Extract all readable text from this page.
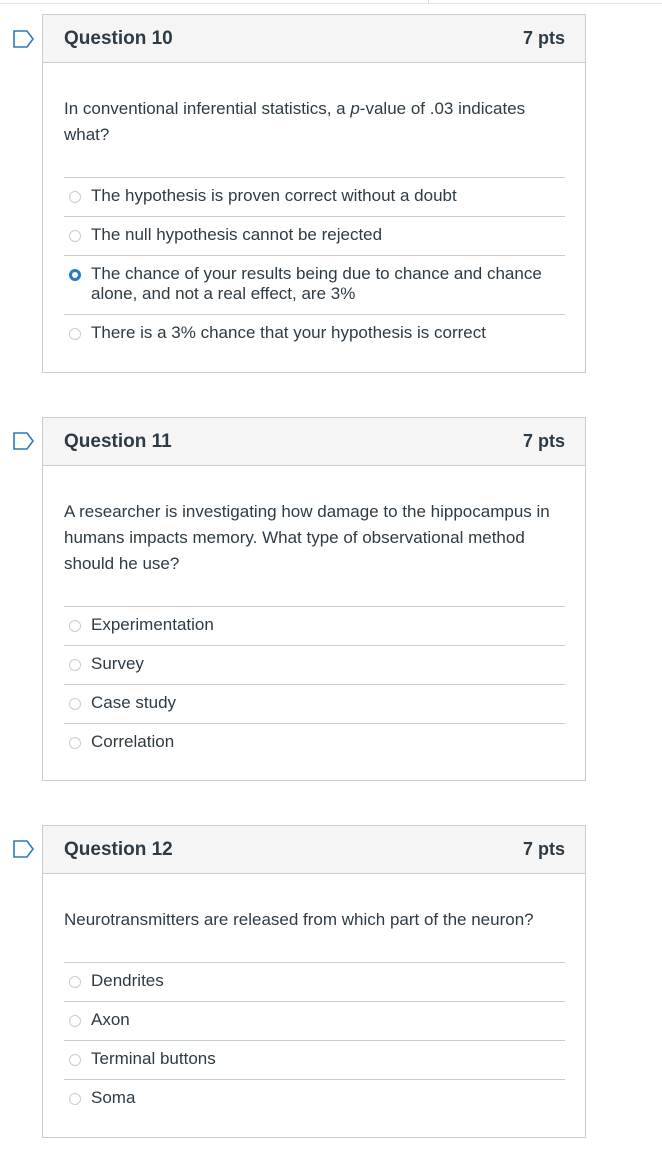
Question 10	7 pts

In conventional inferential statistics, a p-value of .03 indicates what?

The hypothesis is proven correct without a doubt
The null hypothesis cannot be rejected
The chance of your results being due to chance and chance alone, and not a real effect, are 3%
There is a 3% chance that your hypothesis is correct
Question 11	7 pts

A researcher is investigating how damage to the hippocampus in humans impacts memory. What type of observational method should he use?

Experimentation
Survey
Case study
Correlation
Question 12	7 pts

Neurotransmitters are released from which part of the neuron?

Dendrites
Axon
Terminal buttons
Soma
